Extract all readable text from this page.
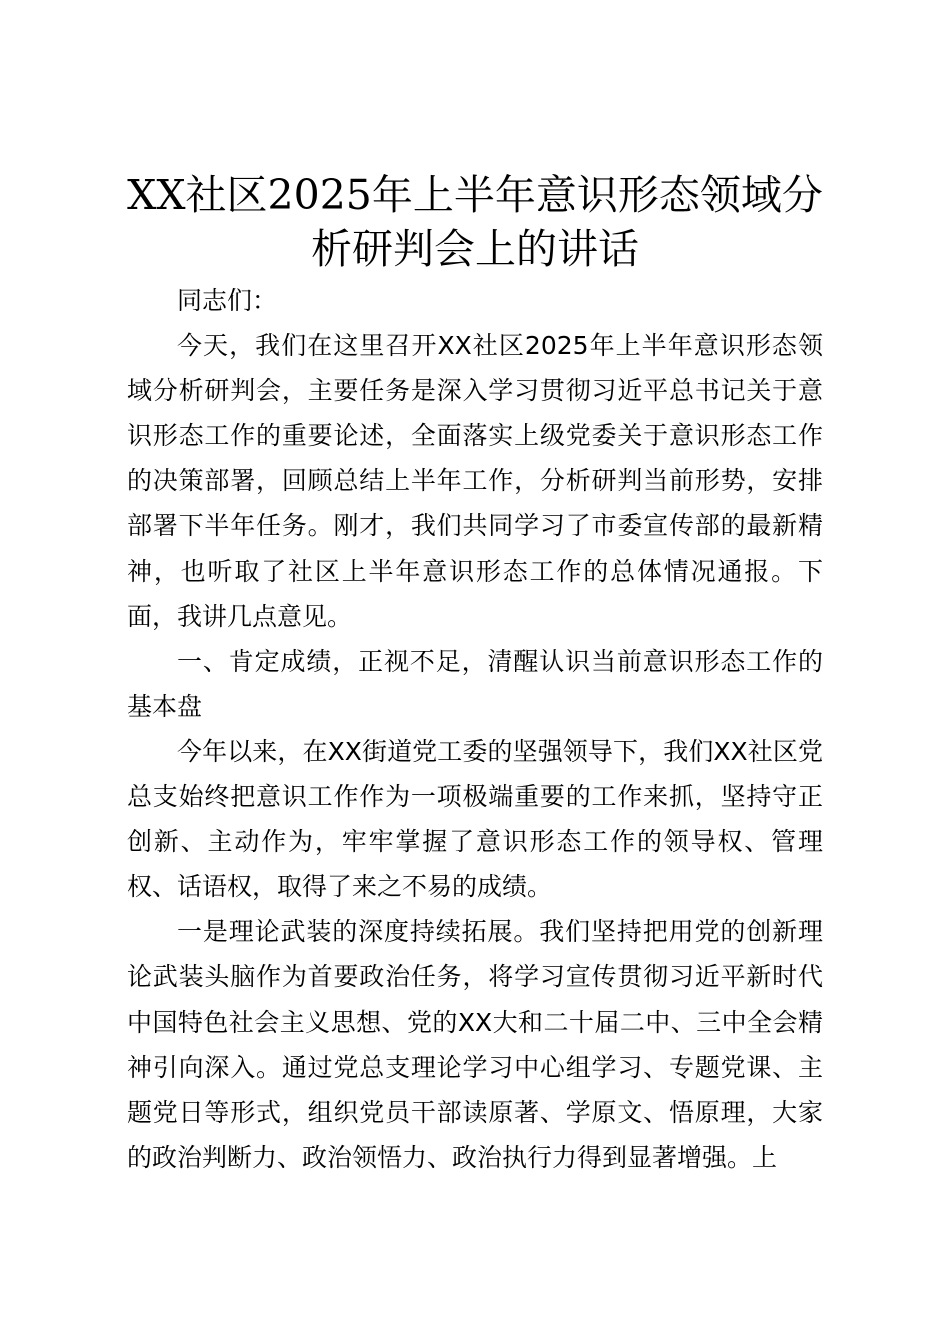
XX社区2025年上半年意识形态领域分析研判会上的讲话

同志们：

今天，我们在这里召开XX社区2025年上半年意识形态领域分析研判会，主要任务是深入学习贯彻习近平总书记关于意识形态工作的重要论述，全面落实上级党委关于意识形态工作的决策部署，回顾总结上半年工作，分析研判当前形势，安排部署下半年任务。刚才，我们共同学习了市委宣传部的最新精神，也听取了社区上半年意识形态工作的总体情况通报。下面，我讲几点意见。

一、肯定成绩，正视不足，清醒认识当前意识形态工作的基本盘

今年以来，在XX街道党工委的坚强领导下，我们XX社区党总支始终把意识工作作为一项极端重要的工作来抓，坚持守正创新、主动作为，牢牢掌握了意识形态工作的领导权、管理权、话语权，取得了来之不易的成绩。

一是理论武装的深度持续拓展。我们坚持把用党的创新理论武装头脑作为首要政治任务，将学习宣传贯彻习近平新时代中国特色社会主义思想、党的XX大和二十届二中、三中全会精神引向深入。通过党总支理论学习中心组学习、专题党课、主题党日等形式，组织党员干部读原著、学原文、悟原理，大家的政治判断力、政治领悟力、政治执行力得到显著增强。上
